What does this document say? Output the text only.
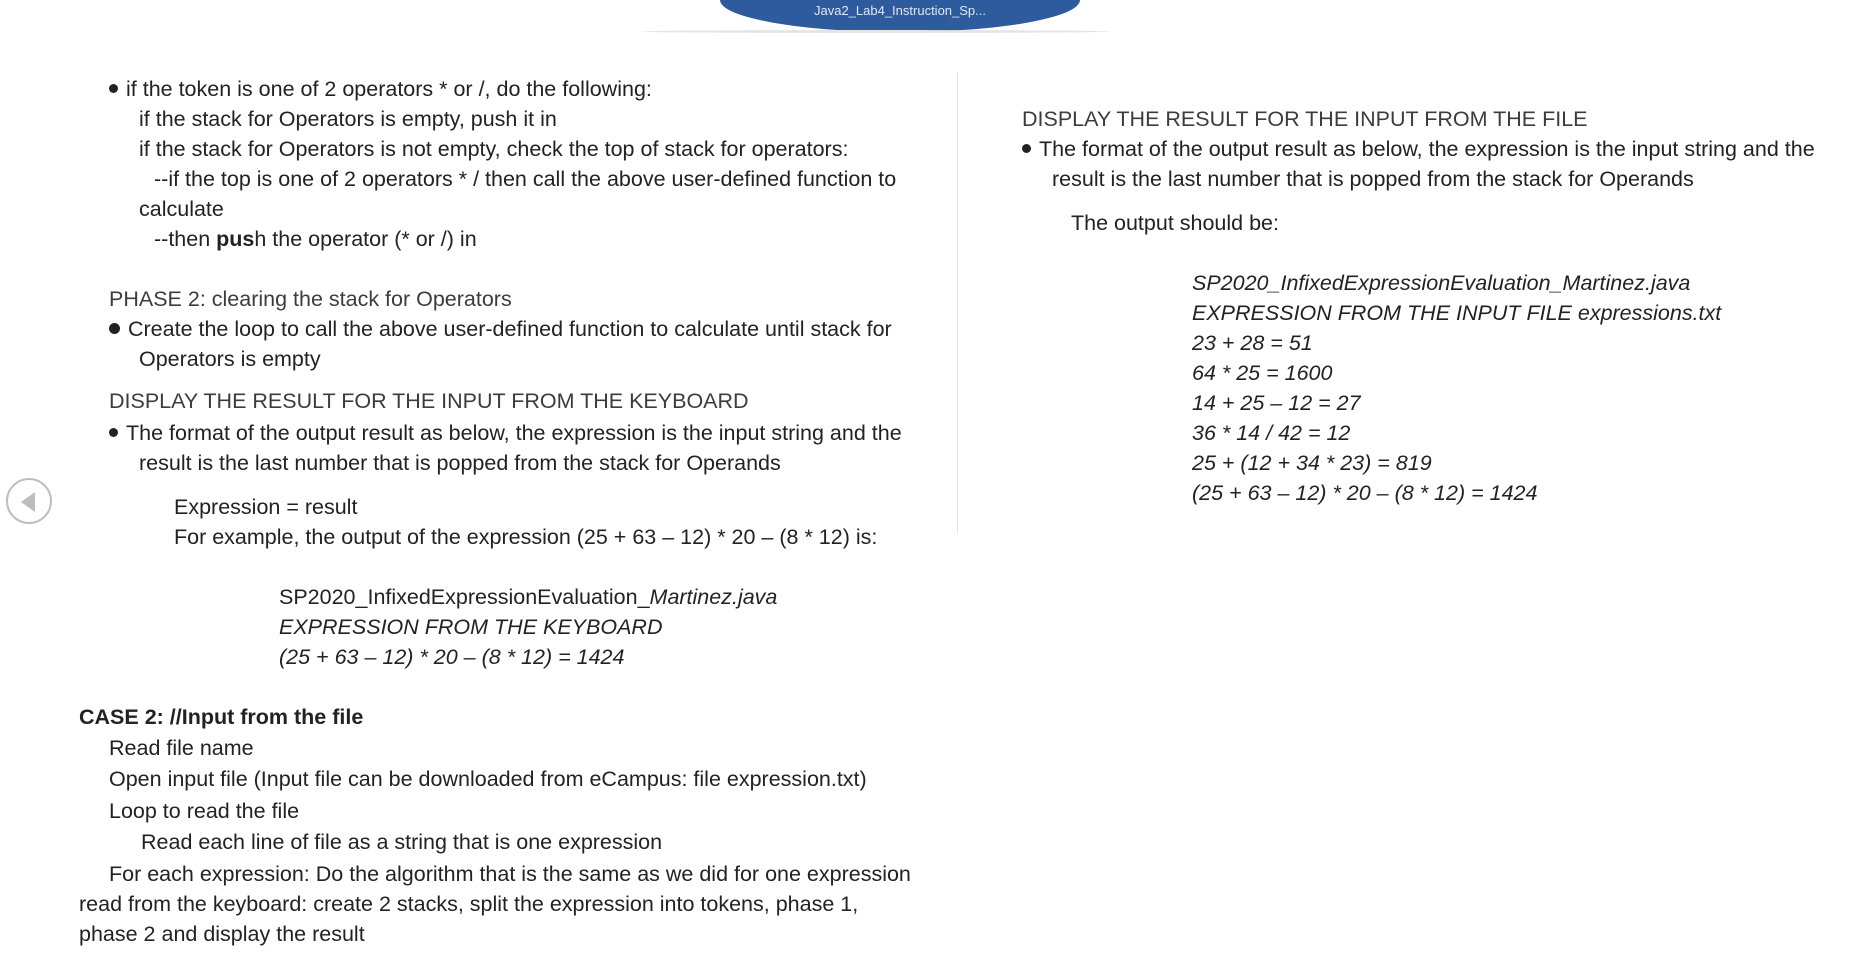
Java2_Lab4_Instruction_Sp...
if the token is one of 2 operators * or /, do the following:
if the stack for Operators is empty, push it in
if the stack for Operators is not empty, check the top of stack for operators:
--if the top is one of 2 operators * / then call the above user-defined function to
calculate
--then push the operator (* or /) in
PHASE 2: clearing the stack for Operators
Create the loop to call the above user-defined function to calculate until stack for
Operators is empty
DISPLAY THE RESULT FOR THE INPUT FROM THE KEYBOARD
The format of the output result as below, the expression is the input string and the
result is the last number that is popped from the stack for Operands
Expression = result
For example, the output of the expression (25 + 63 – 12) * 20 – (8 * 12) is:
SP2020_InfixedExpressionEvaluation_Martinez.java
EXPRESSION FROM THE KEYBOARD
(25 + 63 – 12) * 20 – (8 * 12) = 1424
CASE 2: //Input from the file
Read file name
Open input file (Input file can be downloaded from eCampus: file expression.txt)
Loop to read the file
Read each line of file as a string that is one expression
For each expression: Do the algorithm that is the same as we did for one expression
read from the keyboard: create 2 stacks, split the expression into tokens, phase 1,
phase 2 and display the result
DISPLAY THE RESULT FOR THE INPUT FROM THE FILE
The format of the output result as below, the expression is the input string and the
result is the last number that is popped from the stack for Operands
The output should be:
SP2020_InfixedExpressionEvaluation_Martinez.java
EXPRESSION FROM THE INPUT FILE expressions.txt
23 + 28 = 51
64 * 25 = 1600
14 + 25 – 12 = 27
36 * 14 / 42 = 12
25 + (12 + 34 * 23) = 819
(25 + 63 – 12) * 20 – (8 * 12) = 1424
